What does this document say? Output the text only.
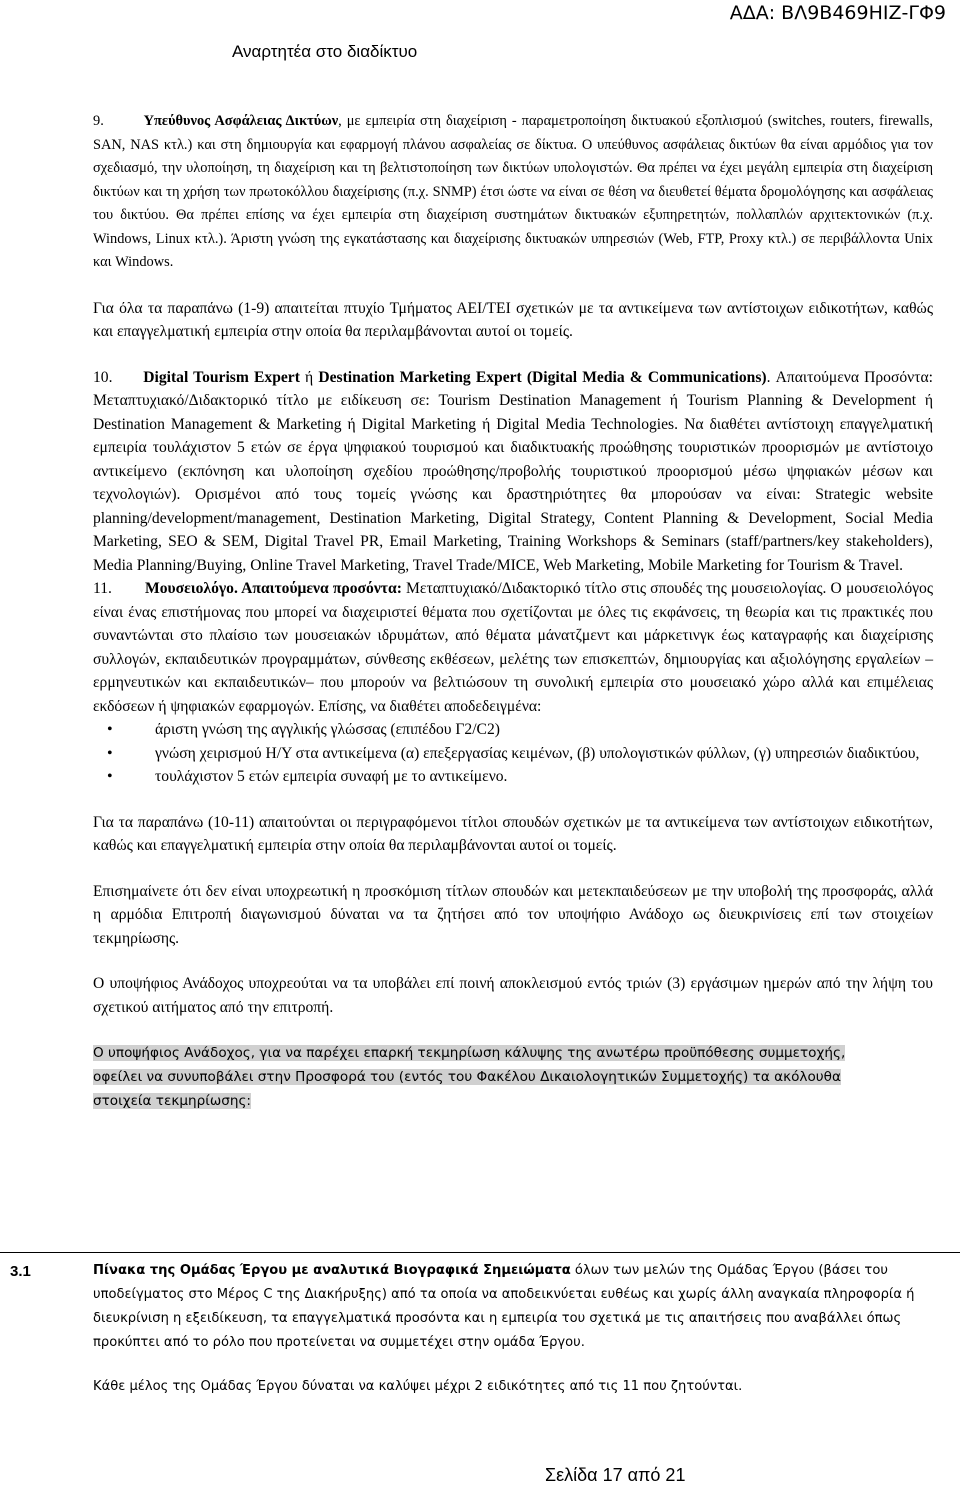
ΑΔΑ: ΒΛ9Β469ΗΙΖ-ΓΦ9
Αναρτητέα στο διαδίκτυο

9.	Υπεύθυνος Ασφάλειας Δικτύων, με εμπειρία στη διαχείριση - παραμετροποίηση δικτυακού εξοπλισμού (switches, routers, firewalls, SAN, NAS κτλ.) και στη δημιουργία και εφαρμογή πλάνου ασφαλείας σε δίκτυα. Ο υπεύθυνος ασφάλειας δικτύων θα είναι αρμόδιος για τον σχεδιασμό, την υλοποίηση, τη διαχείριση και τη βελτιστοποίηση των δικτύων υπολογιστών. Θα πρέπει να έχει μεγάλη εμπειρία στη διαχείριση δικτύων και τη χρήση των πρωτοκόλλου διαχείρισης (π.χ. SNMP) έτσι ώστε να είναι σε θέση να διευθετεί θέματα δρομολόγησης και ασφάλειας του δικτύου. Θα πρέπει επίσης να έχει εμπειρία στη διαχείριση συστημάτων δικτυακών εξυπηρετητών, πολλαπλών αρχιτεκτονικών (π.χ. Windows, Linux κτλ.). Άριστη γνώση της εγκατάστασης και διαχείρισης δικτυακών υπηρεσιών (Web, FTP, Proxy κτλ.) σε περιβάλλοντα Unix και Windows.

Για όλα τα παραπάνω (1-9) απαιτείται πτυχίο Τμήματος ΑΕΙ/ΤΕΙ σχετικών με τα αντικείμενα των αντίστοιχων ειδικοτήτων, καθώς και επαγγελματική εμπειρία στην οποία θα περιλαμβάνονται αυτοί οι τομείς.

10. Digital Tourism Expert ή Destination Marketing Expert (Digital Media & Communications). Απαιτούμενα Προσόντα: Μεταπτυχιακό/Διδακτορικό τίτλο με ειδίκευση σε: Tourism Destination Management ή Tourism Planning & Development ή Destination Management & Marketing ή Digital Marketing ή Digital Media Technologies. Να διαθέτει αντίστοιχη επαγγελματική εμπειρία τουλάχιστον 5 ετών σε έργα ψηφιακού τουρισμού και διαδικτυακής προώθησης τουριστικών προορισμών με αντίστοιχο αντικείμενο (εκπόνηση και υλοποίηση σχεδίου προώθησης/προβολής τουριστικού προορισμού μέσω ψηφιακών μέσων και τεχνολογιών). Ορισμένοι από τους τομείς γνώσης και δραστηριότητες θα μπορούσαν να είναι: Strategic website planning/development/management, Destination Marketing, Digital Strategy, Content Planning & Development, Social Media Marketing, SEO & SEM, Digital Travel PR, Email Marketing, Training Workshops & Seminars (staff/partners/key stakeholders), Media Planning/Buying, Online Travel Marketing, Travel Trade/MICE, Web Marketing, Mobile Marketing for Tourism & Travel.

11. Μουσειολόγο. Απαιτούμενα προσόντα: Μεταπτυχιακό/Διδακτορικό τίτλο στις σπουδές της μουσειολογίας. Ο μουσειολόγος είναι ένας επιστήμονας που μπορεί να διαχειριστεί θέματα που σχετίζονται με όλες τις εκφάνσεις, τη θεωρία και τις πρακτικές που συναντώνται στο πλαίσιο των μουσειακών ιδρυμάτων, από θέματα μάνατζμεντ και μάρκετινγκ έως καταγραφής και διαχείρισης συλλογών, εκπαιδευτικών προγραμμάτων, σύνθεσης εκθέσεων, μελέτης των επισκεπτών, δημιουργίας και αξιολόγησης εργαλείων – ερμηνευτικών και εκπαιδευτικών– που μπορούν να βελτιώσουν τη συνολική εμπειρία στο μουσειακό χώρο αλλά και επιμέλειας εκδόσεων ή ψηφιακών εφαρμογών. Επίσης, να διαθέτει αποδεδειγμένα:

• άριστη γνώση της αγγλικής γλώσσας (επιπέδου Γ2/C2)
• γνώση χειρισμού Η/Υ στα αντικείμενα (α) επεξεργασίας κειμένων, (β) υπολογιστικών φύλλων, (γ) υπηρεσιών διαδικτύου,
• τουλάχιστον 5 ετών εμπειρία συναφή με το αντικείμενο.

Για τα παραπάνω (10-11) απαιτούνται οι περιγραφόμενοι τίτλοι σπουδών σχετικών με τα αντικείμενα των αντίστοιχων ειδικοτήτων, καθώς και επαγγελματική εμπειρία στην οποία θα περιλαμβάνονται αυτοί οι τομείς.

Επισημαίνετε ότι δεν είναι υποχρεωτική η προσκόμιση τίτλων σπουδών και μετεκπαιδεύσεων με την υποβολή της προσφοράς, αλλά η αρμόδια Επιτροπή διαγωνισμού δύναται να τα ζητήσει από τον υποψήφιο Ανάδοχο ως διευκρινίσεις επί των στοιχείων τεκμηρίωσης.

Ο υποψήφιος Ανάδοχος υποχρεούται να τα υποβάλει επί ποινή αποκλεισμού εντός τριών (3) εργάσιμων ημερών από την λήψη του σχετικού αιτήματος από την επιτροπή.

Ο υποψήφιος Ανάδοχος, για να παρέχει επαρκή τεκμηρίωση κάλυψης της ανωτέρω προϋπόθεσης συμμετοχής, οφείλει να συνυποβάλει στην Προσφορά του (εντός του Φακέλου Δικαιολογητικών Συμμετοχής) τα ακόλουθα στοιχεία τεκμηρίωσης:

3.1	Πίνακα της Ομάδας Έργου με αναλυτικά Βιογραφικά Σημειώματα όλων των μελών της Ομάδας Έργου (βάσει του υποδείγματος στο Μέρος C της Διακήρυξης) από τα οποία να αποδεικνύεται ευθέως και χωρίς άλλη αναγκαία πληροφορία ή διευκρίνιση η εξειδίκευση, τα επαγγελματικά προσόντα και η εμπειρία του σχετικά με τις απαιτήσεις που αναβάλλει όπως προκύπτει από το ρόλο που προτείνεται να συμμετέχει στην ομάδα Έργου.

Κάθε μέλος της Ομάδας Έργου δύναται να καλύψει μέχρι 2 ειδικότητες από τις 11 που ζητούνται.

Σελίδα 17 από 21
